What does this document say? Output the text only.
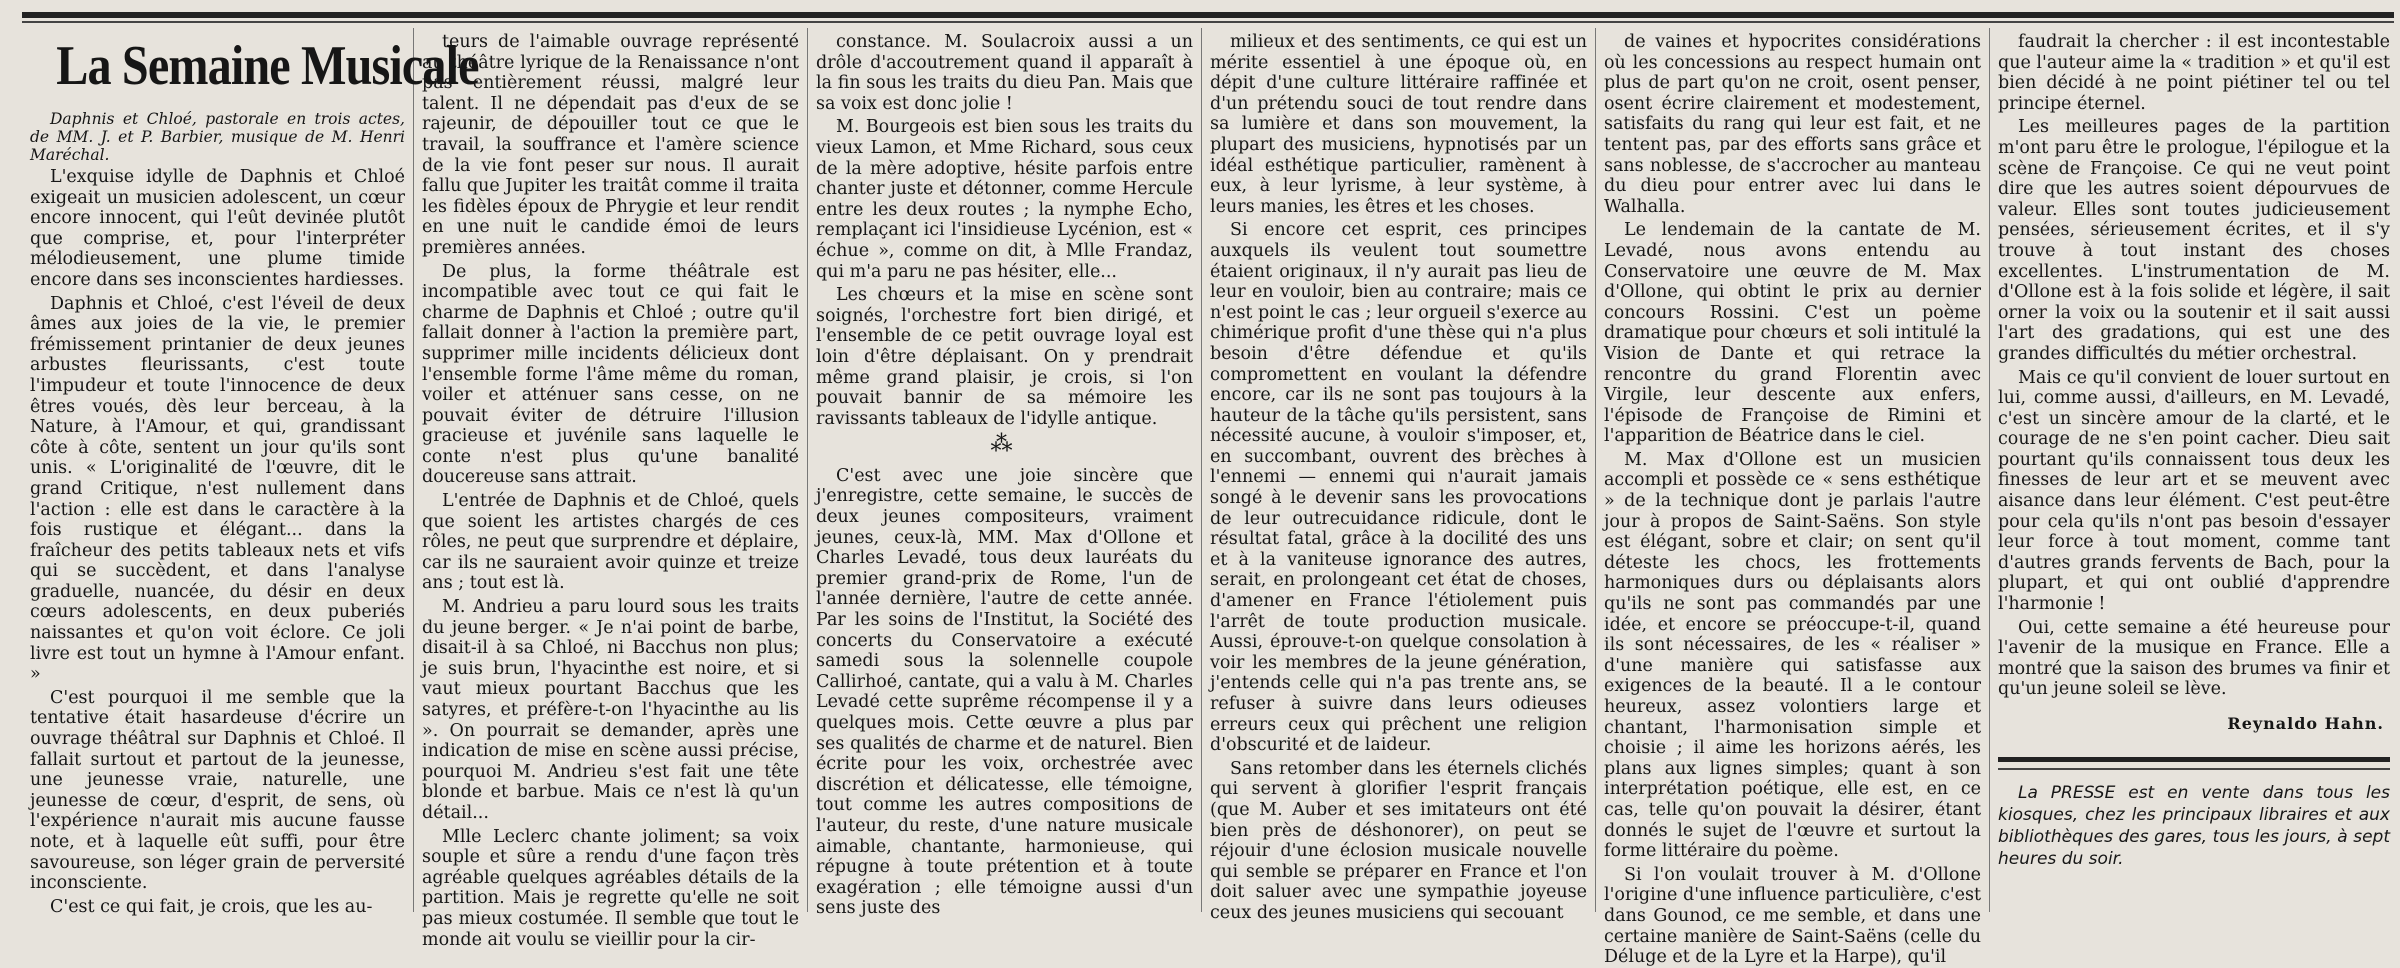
La Semaine Musicale

Daphnis et Chloé, pastorale en trois actes, de MM. J. et P. Barbier, musique de M. Henri Maréchal.

L'exquise idylle de Daphnis et Chloé exigeait un musicien adolescent, un cœur encore innocent, qui l'eût devinée plutôt que comprise, et, pour l'interpréter mélodieusement, une plume timide encore dans ses inconscientes hardiesses.

Daphnis et Chloé, c'est l'éveil de deux âmes aux joies de la vie, le premier frémissement printanier de deux jeunes arbustes fleurissants, c'est toute l'impudeur et toute l'innocence de deux êtres voués, dès leur berceau, à la Nature, à l'Amour, et qui, grandissant côte à côte, sentent un jour qu'ils sont unis. « L'originalité de l'œuvre, dit le grand Critique, n'est nullement dans l'action : elle est dans le caractère à la fois rustique et élégant... dans la fraîcheur des petits tableaux nets et vifs qui se succèdent, et dans l'analyse graduelle, nuancée, du désir en deux cœurs adolescents, en deux puberiés naissantes et qu'on voit éclore. Ce joli livre est tout un hymne à l'Amour enfant. »

C'est pourquoi il me semble que la tentative était hasardeuse d'écrire un ouvrage théâtral sur Daphnis et Chloé. Il fallait surtout et partout de la jeunesse, une jeunesse vraie, naturelle, une jeunesse de cœur, d'esprit, de sens, où l'expérience n'aurait mis aucune fausse note, et à laquelle eût suffi, pour être savoureuse, son léger grain de perversité inconsciente.

C'est ce qui fait, je crois, que les au-

teurs de l'aimable ouvrage représenté au théâtre lyrique de la Renaissance n'ont pas entièrement réussi, malgré leur talent. Il ne dépendait pas d'eux de se rajeunir, de dépouiller tout ce que le travail, la souffrance et l'amère science de la vie font peser sur nous. Il aurait fallu que Jupiter les traitât comme il traita les fidèles époux de Phrygie et leur rendit en une nuit le candide émoi de leurs premières années.

De plus, la forme théâtrale est incompatible avec tout ce qui fait le charme de Daphnis et Chloé ; outre qu'il fallait donner à l'action la première part, supprimer mille incidents délicieux dont l'ensemble forme l'âme même du roman, voiler et atténuer sans cesse, on ne pouvait éviter de détruire l'illusion gracieuse et juvénile sans laquelle le conte n'est plus qu'une banalité doucereuse sans attrait.

L'entrée de Daphnis et de Chloé, quels que soient les artistes chargés de ces rôles, ne peut que surprendre et déplaire, car ils ne sauraient avoir quinze et treize ans ; tout est là.

M. Andrieu a paru lourd sous les traits du jeune berger. « Je n'ai point de barbe, disait-il à sa Chloé, ni Bacchus non plus; je suis brun, l'hyacinthe est noire, et si vaut mieux pourtant Bacchus que les satyres, et préfère-t-on l'hyacinthe au lis ». On pourrait se demander, après une indication de mise en scène aussi précise, pourquoi M. Andrieu s'est fait une tête blonde et barbue. Mais ce n'est là qu'un détail...

Mlle Leclerc chante joliment; sa voix souple et sûre a rendu d'une façon très agréable quelques agréables détails de la partition. Mais je regrette qu'elle ne soit pas mieux costumée. Il semble que tout le monde ait voulu se vieillir pour la cir-

constance. M. Soulacroix aussi a un drôle d'accoutrement quand il apparaît à la fin sous les traits du dieu Pan. Mais que sa voix est donc jolie !

M. Bourgeois est bien sous les traits du vieux Lamon, et Mme Richard, sous ceux de la mère adoptive, hésite parfois entre chanter juste et détonner, comme Hercule entre les deux routes ; la nymphe Echo, remplaçant ici l'insidieuse Lycénion, est « échue », comme on dit, à Mlle Frandaz, qui m'a paru ne pas hésiter, elle...

Les chœurs et la mise en scène sont soignés, l'orchestre fort bien dirigé, et l'ensemble de ce petit ouvrage loyal est loin d'être déplaisant. On y prendrait même grand plaisir, je crois, si l'on pouvait bannir de sa mémoire les ravissants tableaux de l'idylle antique.

⁂

C'est avec une joie sincère que j'enregistre, cette semaine, le succès de deux jeunes compositeurs, vraiment jeunes, ceux-là, MM. Max d'Ollone et Charles Levadé, tous deux lauréats du premier grand-prix de Rome, l'un de l'année dernière, l'autre de cette année. Par les soins de l'Institut, la Société des concerts du Conservatoire a exécuté samedi sous la solennelle coupole Callirhoé, cantate, qui a valu à M. Charles Levadé cette suprême récompense il y a quelques mois. Cette œuvre a plus par ses qualités de charme et de naturel. Bien écrite pour les voix, orchestrée avec discrétion et délicatesse, elle témoigne, tout comme les autres compositions de l'auteur, du reste, d'une nature musicale aimable, chantante, harmonieuse, qui répugne à toute prétention et à toute exagération ; elle témoigne aussi d'un sens juste des

milieux et des sentiments, ce qui est un mérite essentiel à une époque où, en dépit d'une culture littéraire raffinée et d'un prétendu souci de tout rendre dans sa lumière et dans son mouvement, la plupart des musiciens, hypnotisés par un idéal esthétique particulier, ramènent à eux, à leur lyrisme, à leur système, à leurs manies, les êtres et les choses.

Si encore cet esprit, ces principes auxquels ils veulent tout soumettre étaient originaux, il n'y aurait pas lieu de leur en vouloir, bien au contraire; mais ce n'est point le cas ; leur orgueil s'exerce au chimérique profit d'une thèse qui n'a plus besoin d'être défendue et qu'ils compromettent en voulant la défendre encore, car ils ne sont pas toujours à la hauteur de la tâche qu'ils persistent, sans nécessité aucune, à vouloir s'imposer, et, en succombant, ouvrent des brèches à l'ennemi — ennemi qui n'aurait jamais songé à le devenir sans les provocations de leur outrecuidance ridicule, dont le résultat fatal, grâce à la docilité des uns et à la vaniteuse ignorance des autres, serait, en prolongeant cet état de choses, d'amener en France l'étiolement puis l'arrêt de toute production musicale. Aussi, éprouve-t-on quelque consolation à voir les membres de la jeune génération, j'entends celle qui n'a pas trente ans, se refuser à suivre dans leurs odieuses erreurs ceux qui prêchent une religion d'obscurité et de laideur.

Sans retomber dans les éternels clichés qui servent à glorifier l'esprit français (que M. Auber et ses imitateurs ont été bien près de déshonorer), on peut se réjouir d'une éclosion musicale nouvelle qui semble se préparer en France et l'on doit saluer avec une sympathie joyeuse ceux des jeunes musiciens qui secouant

de vaines et hypocrites considérations où les concessions au respect humain ont plus de part qu'on ne croit, osent penser, osent écrire clairement et modestement, satisfaits du rang qui leur est fait, et ne tentent pas, par des efforts sans grâce et sans noblesse, de s'accrocher au manteau du dieu pour entrer avec lui dans le Walhalla.

Le lendemain de la cantate de M. Levadé, nous avons entendu au Conservatoire une œuvre de M. Max d'Ollone, qui obtint le prix au dernier concours Rossini. C'est un poème dramatique pour chœurs et soli intitulé la Vision de Dante et qui retrace la rencontre du grand Florentin avec Virgile, leur descente aux enfers, l'épisode de Françoise de Rimini et l'apparition de Béatrice dans le ciel.

M. Max d'Ollone est un musicien accompli et possède ce « sens esthétique » de la technique dont je parlais l'autre jour à propos de Saint-Saëns. Son style est élégant, sobre et clair; on sent qu'il déteste les chocs, les frottements harmoniques durs ou déplaisants alors qu'ils ne sont pas commandés par une idée, et encore se préoccupe-t-il, quand ils sont nécessaires, de les « réaliser » d'une manière qui satisfasse aux exigences de la beauté. Il a le contour heureux, assez volontiers large et chantant, l'harmonisation simple et choisie ; il aime les horizons aérés, les plans aux lignes simples; quant à son interprétation poétique, elle est, en ce cas, telle qu'on pouvait la désirer, étant donnés le sujet de l'œuvre et surtout la forme littéraire du poème.

Si l'on voulait trouver à M. d'Ollone l'origine d'une influence particulière, c'est dans Gounod, ce me semble, et dans une certaine manière de Saint-Saëns (celle du Déluge et de la Lyre et la Harpe), qu'il

faudrait la chercher : il est incontestable que l'auteur aime la « tradition » et qu'il est bien décidé à ne point piétiner tel ou tel principe éternel.

Les meilleures pages de la partition m'ont paru être le prologue, l'épilogue et la scène de Françoise. Ce qui ne veut point dire que les autres soient dépourvues de valeur. Elles sont toutes judicieusement pensées, sérieusement écrites, et il s'y trouve à tout instant des choses excellentes. L'instrumentation de M. d'Ollone est à la fois solide et légère, il sait orner la voix ou la soutenir et il sait aussi l'art des gradations, qui est une des grandes difficultés du métier orchestral.

Mais ce qu'il convient de louer surtout en lui, comme aussi, d'ailleurs, en M. Levadé, c'est un sincère amour de la clarté, et le courage de ne s'en point cacher. Dieu sait pourtant qu'ils connaissent tous deux les finesses de leur art et se meuvent avec aisance dans leur élément. C'est peut-être pour cela qu'ils n'ont pas besoin d'essayer leur force à tout moment, comme tant d'autres grands fervents de Bach, pour la plupart, et qui ont oublié d'apprendre l'harmonie !

Oui, cette semaine a été heureuse pour l'avenir de la musique en France. Elle a montré que la saison des brumes va finir et qu'un jeune soleil se lève.

Reynaldo Hahn.

La PRESSE est en vente dans tous les kiosques, chez les principaux libraires et aux bibliothèques des gares, tous les jours, à sept heures du soir.
